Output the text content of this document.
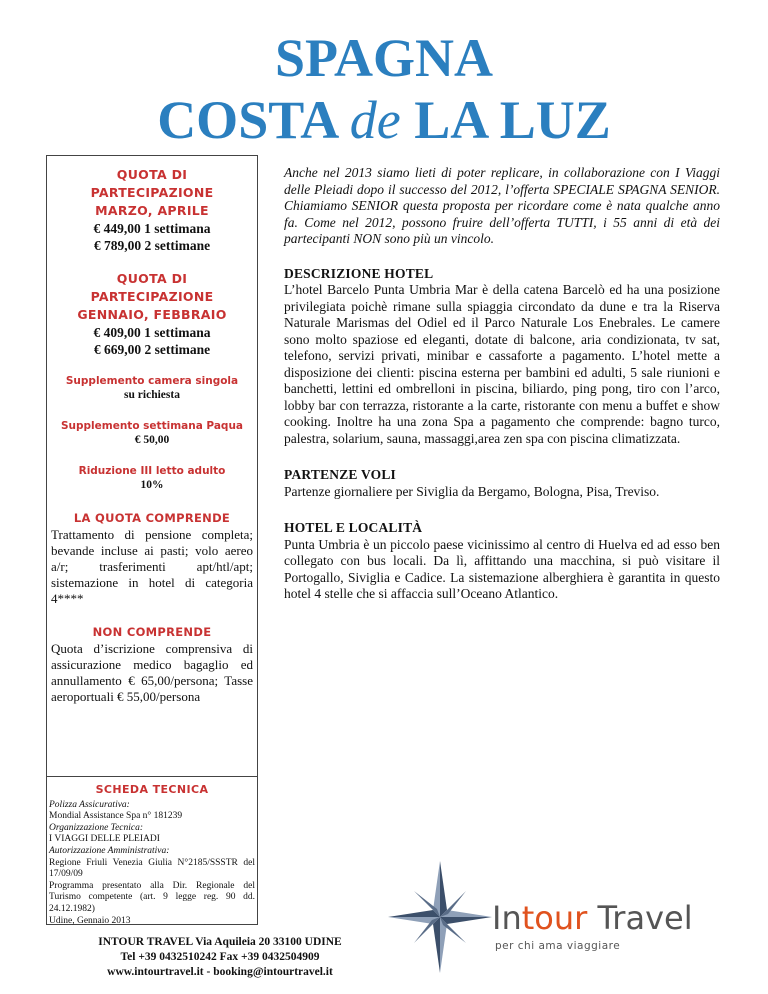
SPAGNA
COSTA de LA LUZ
QUOTA DI PARTECIPAZIONE MARZO, APRILE
€ 449,00 1 settimana
€ 789,00 2 settimane
QUOTA DI PARTECIPAZIONE GENNAIO, FEBBRAIO
€ 409,00 1 settimana
€ 669,00 2 settimane
Supplemento camera singola
su richiesta
Supplemento settimana Paqua
€ 50,00
Riduzione III letto adulto
10%
LA QUOTA COMPRENDE
Trattamento di pensione completa; bevande incluse ai pasti; volo aereo a/r; trasferimenti apt/htl/apt; sistemazione in hotel di categoria 4****
NON COMPRENDE
Quota d’iscrizione comprensiva di assicurazione medico bagaglio ed annullamento € 65,00/persona; Tasse aeroportuali € 55,00/persona
SCHEDA TECNICA
Polizza Assicurativa:
Mondial Assistance Spa n° 181239
Organizzazione Tecnica:
I VIAGGI DELLE PLEIADI
Autorizzazione Amministrativa:
Regione Friuli Venezia Giulia N°2185/SSSTR del 17/09/09
Programma presentato alla Dir. Regionale del Turismo competente (art. 9 legge reg. 90 dd. 24.12.1982)
Udine, Gennaio 2013
Anche nel 2013 siamo lieti di poter replicare, in collaborazione con I Viaggi delle Pleiadi dopo il successo del 2012, l’offerta SPECIALE SPAGNA SENIOR. Chiamiamo SENIOR questa proposta per ricordare come è nata qualche anno fa. Come nel 2012, possono fruire dell’offerta TUTTI, i 55 anni di età dei partecipanti NON sono più un vincolo.
DESCRIZIONE HOTEL
L’hotel Barcelo Punta Umbria Mar è della catena Barcelò ed ha una posizione privilegiata poichè rimane sulla spiaggia circondato da dune e tra la Riserva Naturale Marismas del Odiel ed il Parco Naturale Los Enebrales. Le camere sono molto spaziose ed eleganti, dotate di balcone, aria condizionata, tv sat, telefono, servizi privati, minibar e cassaforte a pagamento. L’hotel mette a disposizione dei clienti: piscina esterna per bambini ed adulti, 5 sale riunioni e banchetti, lettini ed ombrelloni in piscina, biliardo, ping pong, tiro con l’arco, lobby bar con terrazza, ristorante a la carte, ristorante con menu a buffet e show cooking. Inoltre ha una zona Spa a pagamento che comprende: bagno turco, palestra, solarium, sauna, massaggi,area zen spa con piscina climatizzata.
PARTENZE VOLI
Partenze giornaliere per Siviglia da Bergamo, Bologna, Pisa, Treviso.
HOTEL E LOCALITÀ
Punta Umbria è un piccolo paese vicinissimo al centro di Huelva ed ad esso ben collegato con bus locali. Da lì, affittando una macchina, si può visitare il Portogallo, Siviglia e Cadice. La sistemazione alberghiera è garantita in questo hotel 4 stelle che si affaccia sull’Oceano Atlantico.
INTOUR TRAVEL Via Aquileia 20 33100 UDINE
Tel +39 0432510242 Fax +39 0432504909
www.intourtravel.it - booking@intourtravel.it
Intour Travel
per chi ama viaggiare
